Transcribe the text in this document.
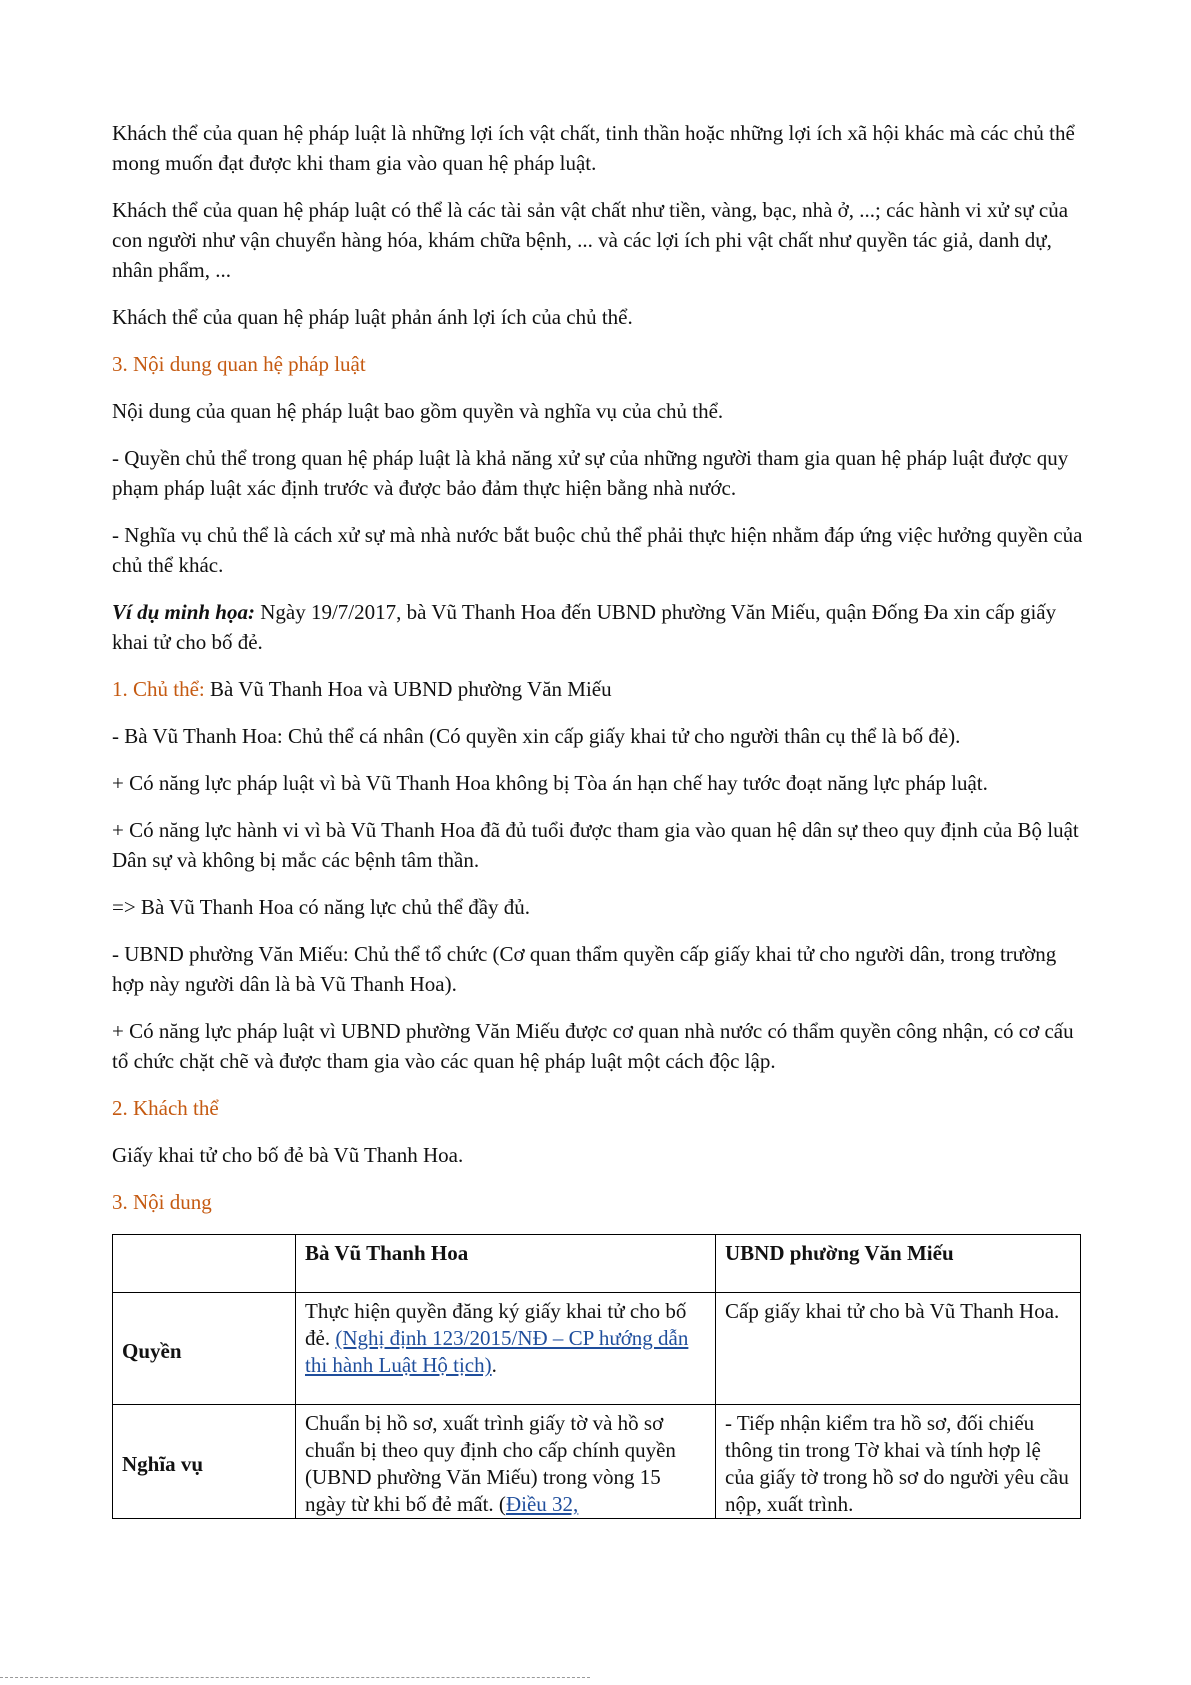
Khách thể của quan hệ pháp luật là những lợi ích vật chất, tinh thần hoặc những lợi ích xã hội khác mà các chủ thể mong muốn đạt được khi tham gia vào quan hệ pháp luật.

Khách thể của quan hệ pháp luật có thể là các tài sản vật chất như tiền, vàng, bạc, nhà ở, ...; các hành vi xử sự của con người như vận chuyển hàng hóa, khám chữa bệnh, ... và các lợi ích phi vật chất như quyền tác giả, danh dự, nhân phẩm, ...

Khách thể của quan hệ pháp luật phản ánh lợi ích của chủ thể.

3. Nội dung quan hệ pháp luật

Nội dung của quan hệ pháp luật bao gồm quyền và nghĩa vụ của chủ thể.

- Quyền chủ thể trong quan hệ pháp luật là khả năng xử sự của những người tham gia quan hệ pháp luật được quy phạm pháp luật xác định trước và được bảo đảm thực hiện bằng nhà nước.

- Nghĩa vụ chủ thể là cách xử sự mà nhà nước bắt buộc chủ thể phải thực hiện nhằm đáp ứng việc hưởng quyền của chủ thể khác.

Ví dụ minh họa: Ngày 19/7/2017, bà Vũ Thanh Hoa đến UBND phường Văn Miếu, quận Đống Đa xin cấp giấy khai tử cho bố đẻ.

1. Chủ thể: Bà Vũ Thanh Hoa và UBND phường Văn Miếu

- Bà Vũ Thanh Hoa: Chủ thể cá nhân (Có quyền xin cấp giấy khai tử cho người thân cụ thể là bố đẻ).

+ Có năng lực pháp luật vì bà Vũ Thanh Hoa không bị Tòa án hạn chế hay tước đoạt năng lực pháp luật.

+ Có năng lực hành vi vì bà Vũ Thanh Hoa đã đủ tuổi được tham gia vào quan hệ dân sự theo quy định của Bộ luật Dân sự và không bị mắc các bệnh tâm thần.

=> Bà Vũ Thanh Hoa có năng lực chủ thể đầy đủ.

- UBND phường Văn Miếu: Chủ thể tổ chức (Cơ quan thẩm quyền cấp giấy khai tử cho người dân, trong trường hợp này người dân là bà Vũ Thanh Hoa).

+ Có năng lực pháp luật vì UBND phường Văn Miếu được cơ quan nhà nước có thẩm quyền công nhận, có cơ cấu tổ chức chặt chẽ và được tham gia vào các quan hệ pháp luật một cách độc lập.

2. Khách thể

Giấy khai tử cho bố đẻ bà Vũ Thanh Hoa.

3. Nội dung

	Bà Vũ Thanh Hoa	UBND phường Văn Miếu
Quyền	Thực hiện quyền đăng ký giấy khai tử cho bố đẻ. (Nghị định 123/2015/NĐ – CP hướng dẫn thi hành Luật Hộ tịch).	Cấp giấy khai tử cho bà Vũ Thanh Hoa.
Nghĩa vụ	Chuẩn bị hồ sơ, xuất trình giấy tờ và hồ sơ chuẩn bị theo quy định cho cấp chính quyền (UBND phường Văn Miếu) trong vòng 15 ngày từ khi bố đẻ mất. (Điều 32,	- Tiếp nhận kiểm tra hồ sơ, đối chiếu thông tin trong Tờ khai và tính hợp lệ của giấy tờ trong hồ sơ do người yêu cầu nộp, xuất trình.
